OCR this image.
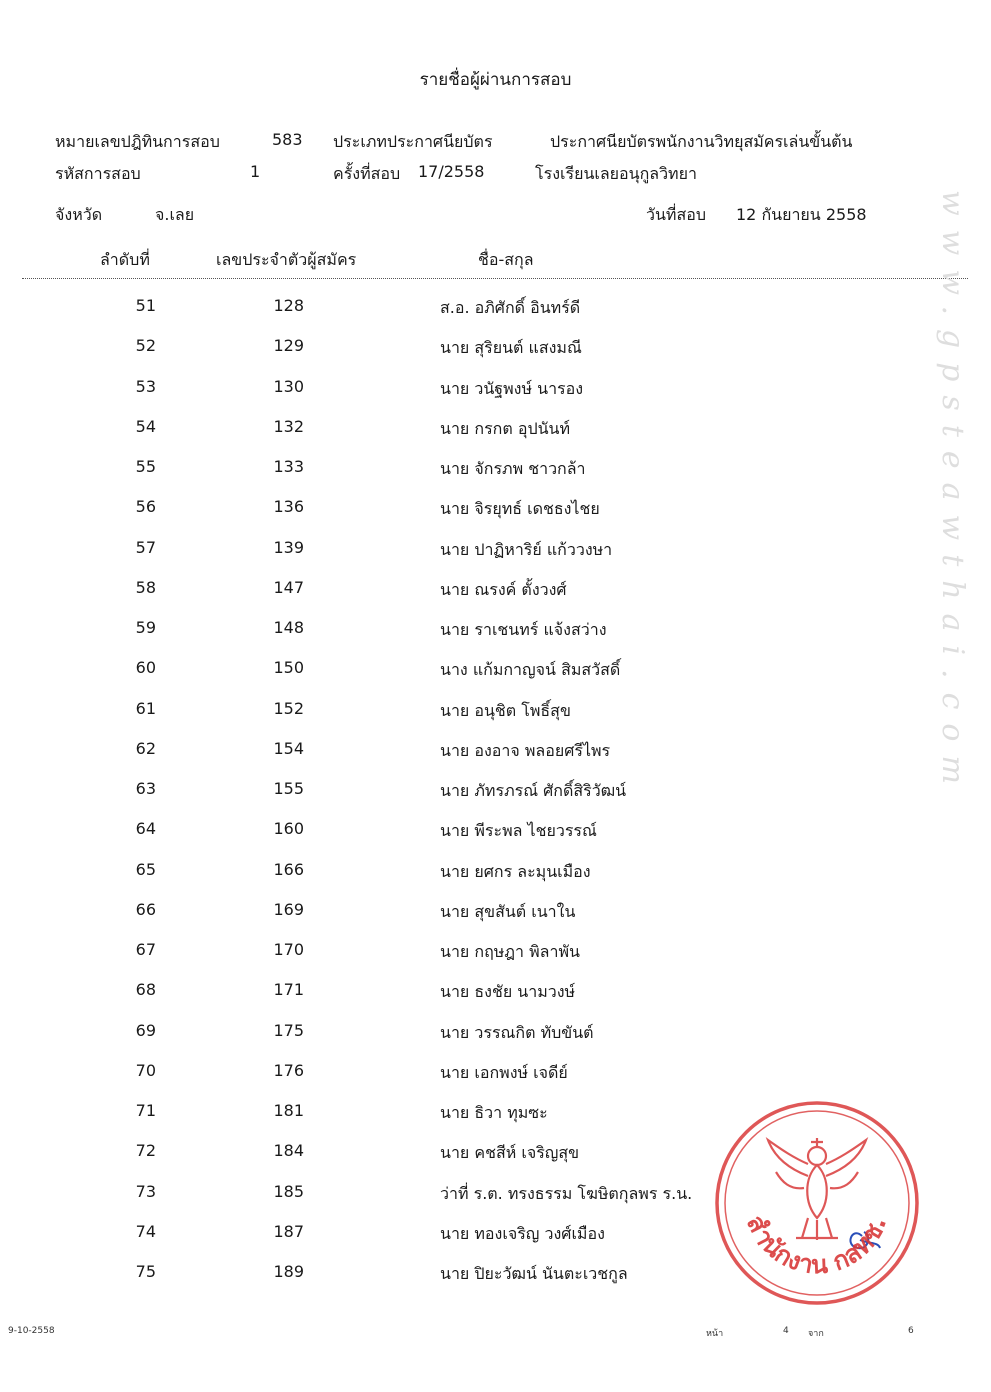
รายชื่อผู้ผ่านการสอบ
หมายเลขปฎิทินการสอบ	583 ประเภทประกาศนียบัตร	ประกาศนียบัตรพนักงานวิทยุสมัครเล่นขั้นต้น
รหัสการสอบ	1	ครั้งที่สอบ 17/2558	โรงเรียนเลยอนุกูลวิทยา
จังหวัด	จ.เลย	วันที่สอบ 12 กันยายน 2558
ลำดับที่	เลขประจำตัวผู้สมัคร	ชื่อ-สกุล
51	128	ส.อ. อภิศักดิ์ อินทร์ดี
52	129	นาย สุริยนต์ แสงมณี
53	130	นาย วนัฐพงษ์ นารอง
54	132	นาย กรกต อุปนันท์
55	133	นาย จักรภพ ชาวกล้า
56	136	นาย จิรยุทธ์ เดชธงไชย
57	139	นาย ปาฏิหาริย์ แก้ววงษา
58	147	นาย ณรงค์ ตั้งวงศ์
59	148	นาย ราเชนทร์ แจ้งสว่าง
60	150	นาง แก้มกาญจน์ สิมสวัสดิ์
61	152	นาย อนุชิต โพธิ์สุข
62	154	นาย องอาจ พลอยศรีไพร
63	155	นาย ภัทรภรณ์ ศักดิ์สิริวัฒน์
64	160	นาย พีระพล ไชยวรรณ์
65	166	นาย ยศกร ละมุนเมือง
66	169	นาย สุขสันต์ เนาใน
67	170	นาย กฤษฎา พิลาพัน
68	171	นาย ธงชัย นามวงษ์
69	175	นาย วรรณกิต ทับขันต์
70	176	นาย เอกพงษ์ เจดีย์
71	181	นาย ธิวา ทุมซะ
72	184	นาย คชสีห์ เจริญสุข
73	185	ว่าที่ ร.ต. ทรงธรรม โฆษิตกุลพร ร.น.
74	187	นาย ทองเจริญ วงศ์เมือง
75	189	นาย ปิยะวัฒน์ นันตะเวชกูล
www.gpsteawthai.com
สำนักงาน กสทช.
9-10-2558	หน้า	4 จาก	6
